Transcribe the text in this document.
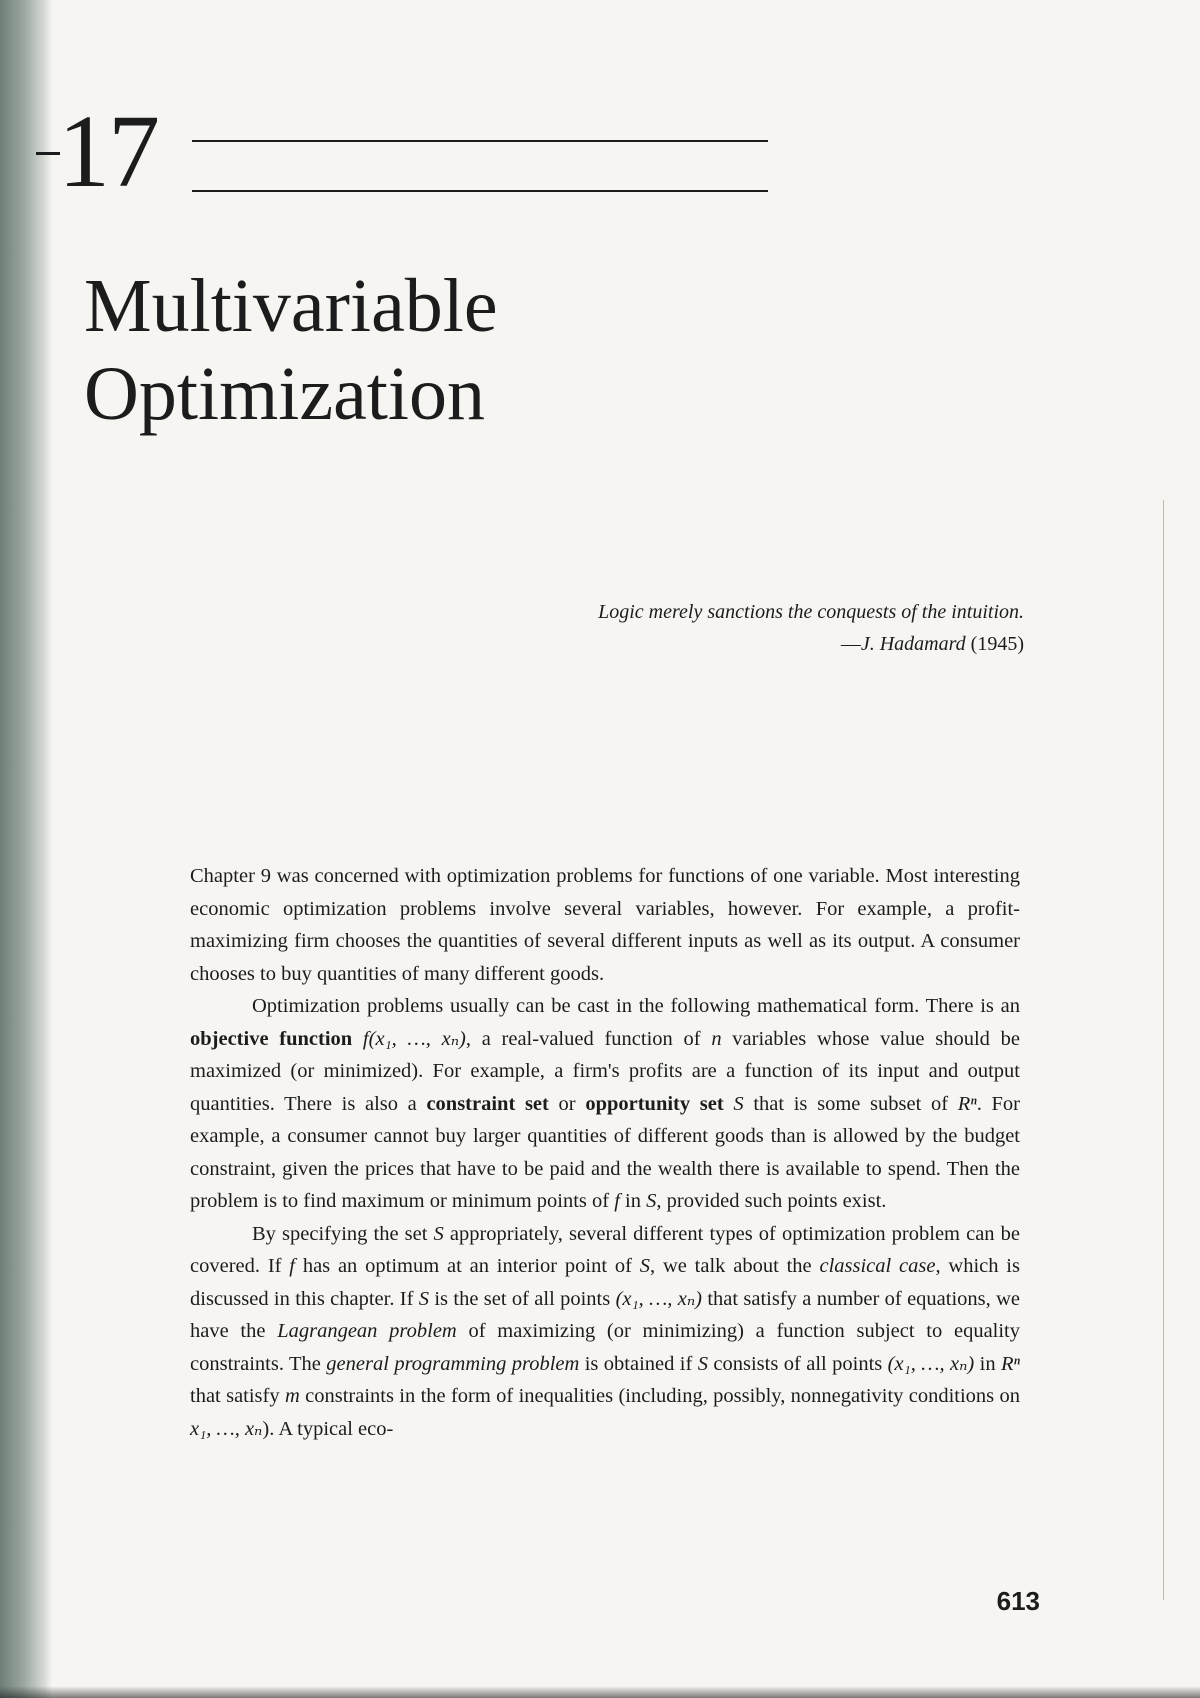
17
Multivariable
Optimization
Logic merely sanctions the conquests of the intuition.
—J. Hadamard (1945)

Chapter 9 was concerned with optimization problems for functions of one variable. Most interesting economic optimization problems involve several variables, however. For example, a profit-maximizing firm chooses the quantities of several different inputs as well as its output. A consumer chooses to buy quantities of many different goods.

Optimization problems usually can be cast in the following mathematical form. There is an objective function f(x₁, …, xₙ), a real-valued function of n variables whose value should be maximized (or minimized). For example, a firm's profits are a function of its input and output quantities. There is also a constraint set or opportunity set S that is some subset of Rⁿ. For example, a consumer cannot buy larger quantities of different goods than is allowed by the budget constraint, given the prices that have to be paid and the wealth there is available to spend. Then the problem is to find maximum or minimum points of f in S, provided such points exist.

By specifying the set S appropriately, several different types of optimization problem can be covered. If f has an optimum at an interior point of S, we talk about the classical case, which is discussed in this chapter. If S is the set of all points (x₁, …, xₙ) that satisfy a number of equations, we have the Lagrangean problem of maximizing (or minimizing) a function subject to equality constraints. The general programming problem is obtained if S consists of all points (x₁, …, xₙ) in Rⁿ that satisfy m constraints in the form of inequalities (including, possibly, nonnegativity conditions on x₁, …, xₙ). A typical eco-

613
